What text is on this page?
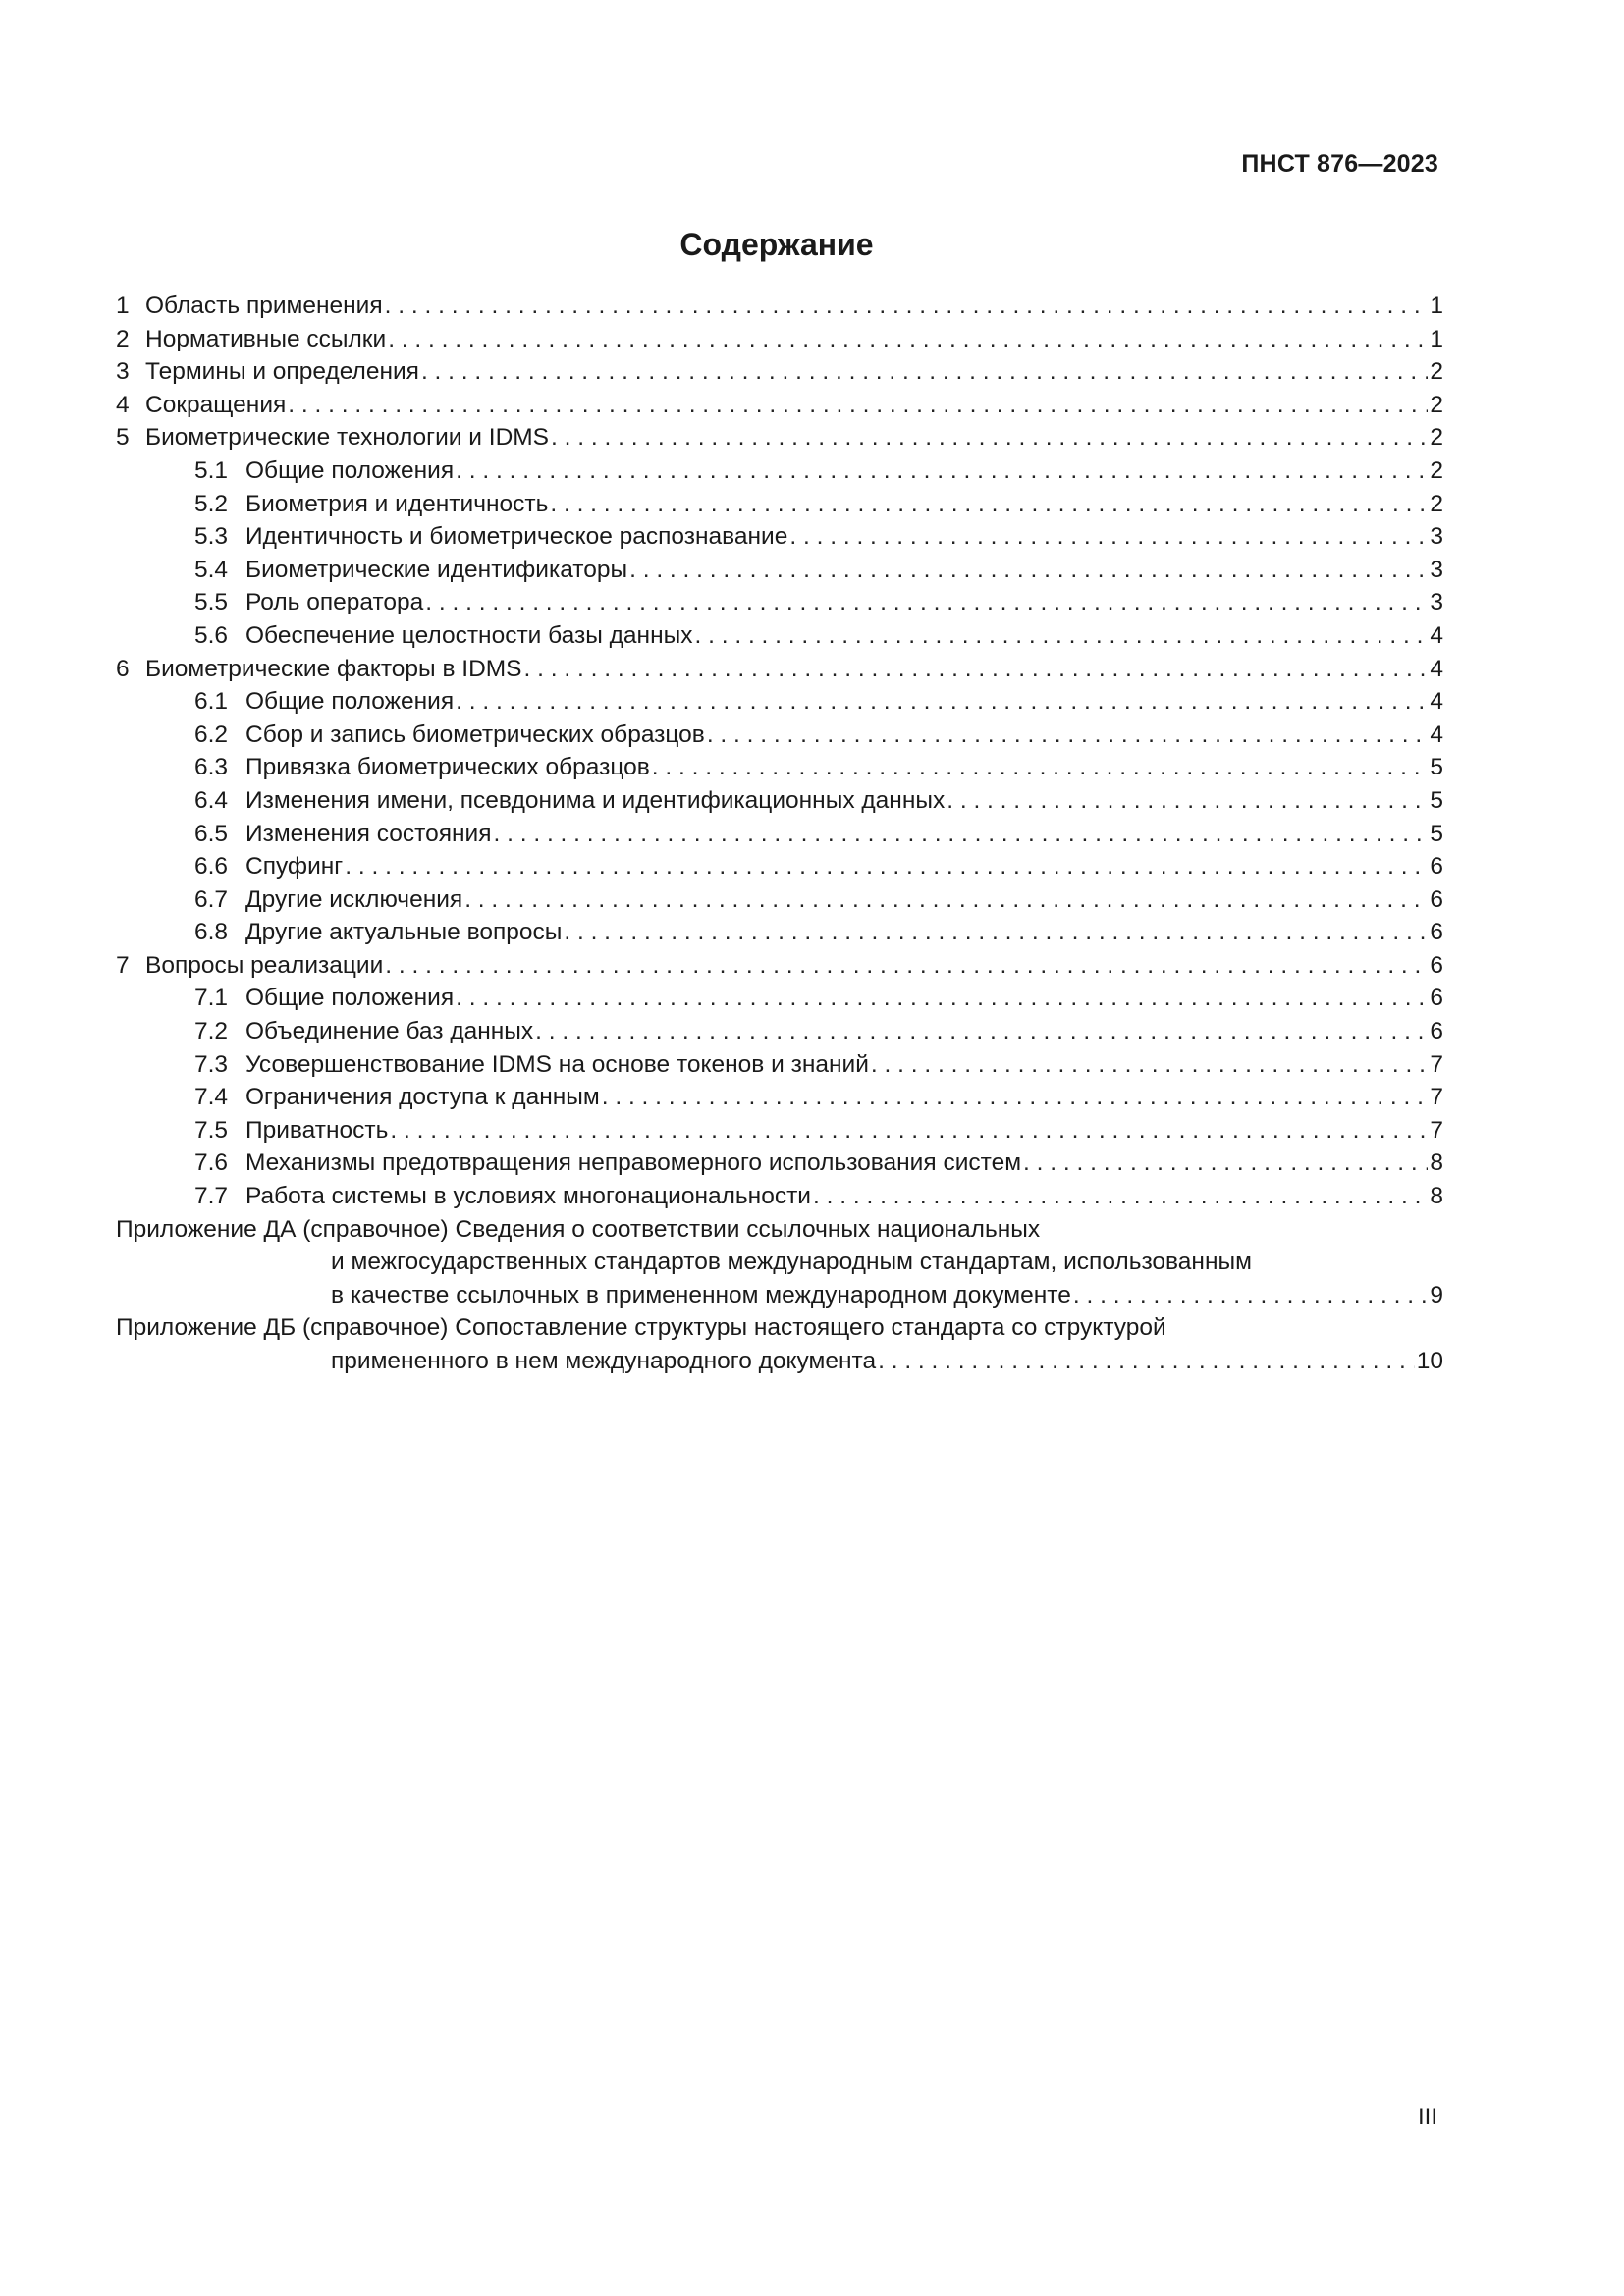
ПНСТ 876—2023
Содержание
1 Область применения . . .	1
2 Нормативные ссылки . . .	1
3 Термины и определения . . .	2
4 Сокращения . . .	2
5 Биометрические технологии и IDMS . . .	2
5.1 Общие положения . . .	2
5.2 Биометрия и идентичность . . .	2
5.3 Идентичность и биометрическое распознавание . . .	3
5.4 Биометрические идентификаторы . . .	3
5.5 Роль оператора . . .	3
5.6 Обеспечение целостности базы данных . . .	4
6 Биометрические факторы в IDMS . . .	4
6.1 Общие положения . . .	4
6.2 Сбор и запись биометрических образцов . . .	4
6.3 Привязка биометрических образцов . . .	5
6.4 Изменения имени, псевдонима и идентификационных данных . . .	5
6.5 Изменения состояния . . .	5
6.6 Спуфинг . . .	6
6.7 Другие исключения . . .	6
6.8 Другие актуальные вопросы . . .	6
7 Вопросы реализации . . .	6
7.1 Общие положения . . .	6
7.2 Объединение баз данных . . .	6
7.3 Усовершенствование IDMS на основе токенов и знаний . . .	7
7.4 Ограничения доступа к данным . . .	7
7.5 Приватность . . .	7
7.6 Механизмы предотвращения неправомерного использования систем . . .	8
7.7 Работа системы в условиях многонациональности . . .	8
Приложение ДА (справочное) Сведения о соответствии ссылочных национальных
и межгосударственных стандартов международным стандартам, использованным
в качестве ссылочных в примененном международном документе . . .	9
Приложение ДБ (справочное) Сопоставление структуры настоящего стандарта со структурой
примененного в нем международного документа . . .	10
III
